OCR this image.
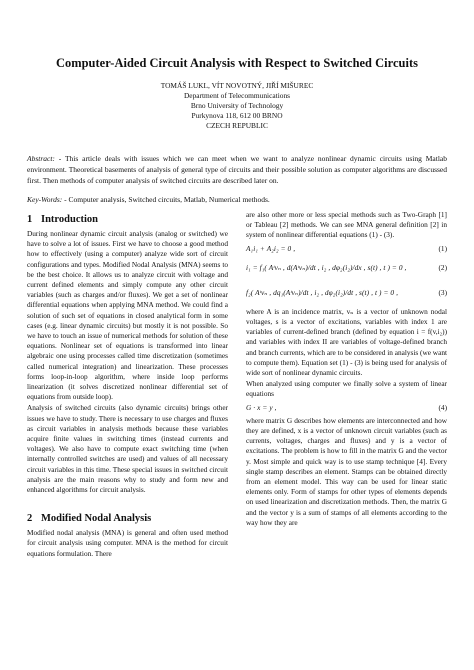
Computer-Aided Circuit Analysis with Respect to Switched Circuits
TOMÁŠ LUKL, VÍT NOVOTNÝ, JIŘÍ MIŠUREC
Department of Telecommunications
Brno University of Technology
Purkynova 118, 612 00 BRNO
CZECH REPUBLIC
Abstract: - This article deals with issues which we can meet when we want to analyze nonlinear dynamic circuits using Matlab environment. Theoretical basements of analysis of general type of circuits and their possible solution as computer algorithms are discussed first. Then methods of computer analysis of switched circuits are described later on.
Key-Words: - Computer analysis, Switched circuits, Matlab, Numerical methods.
1 Introduction

During nonlinear dynamic circuit analysis (analog or switched) we have to solve a lot of issues. First we have to choose a good method how to effectively (using a computer) analyze wide sort of circuit configurations and types. Modified Nodal Analysis (MNA) seems to be the best choice. It allows us to analyze circuit with voltage and current defined elements and simply compute any other circuit variables (such as charges and/or fluxes). We get a set of nonlinear differential equations when applying MNA method. We could find a solution of such set of equations in closed analytical form in some cases (e.g. linear dynamic circuits) but mostly it is not possible. So we have to touch an issue of numerical methods for solution of these equations. Nonlinear set of equations is transformed into linear algebraic one using processes called time discretization (sometimes called numerical integration) and linearization. These processes forms loop-in-loop algorithm, where inside loop performs linearization (it solves discretized nonlinear differential set of equations from outside loop).

Analysis of switched circuits (also dynamic circuits) brings other issues we have to study. There is necessary to use charges and fluxes as circuit variables in analysis methods because these variables acquire finite values in switching times (instead currents and voltages). We also have to compute exact switching time (when internally controlled switches are used) and values of all necessary circuit variables in this time. These special issues in switched circuit analysis are the main reasons why to study and form new and enhanced algorithms for circuit analysis.

2 Modified Nodal Analysis

Modified nodal analysis (MNA) is general and often used method for circuit analysis using computer. MNA is the method for circuit equations formulation. There

are also other more or less special methods such as Two-Graph [1] or Tableau [2] methods. We can see MNA general definition [2] in system of nonlinear differential equations (1) - (3).

A₁i₁ + A₂i₂ = 0 ,	(1)
i₁ = f₁( Aᵗvₙ , d(Aᵗvₙ)/dt , i₂ , dφ₂(i₂)/dx , s(t) , t ) = 0 ,	(2)
f₂( Aᵗvₙ , dq₁(Aᵗvₙ)/dt , i₂ , dφ₂(i₂)/dt , s(t) , t ) = 0 ,	(3)

where A is an incidence matrix, vₙ is a vector of unknown nodal voltages, s is a vector of excitations, variables with index 1 are variables of current-defined branch (defined by equation i = f(v,i₂)) and variables with index II are variables of voltage-defined branch and branch currents, which are to be considered in analysis (we want to compute them). Equation set (1) - (3) is being used for analysis of wide sort of nonlinear dynamic circuits.

When analyzed using computer we finally solve a system of linear equations

G · x = y ,	(4)

where matrix G describes how elements are interconnected and how they are defined, x is a vector of unknown circuit variables (such as currents, voltages, charges and fluxes) and y is a vector of excitations. The problem is how to fill in the matrix G and the vector y. Most simple and quick way is to use stamp technique [4]. Every single stamp describes an element. Stamps can be obtained directly from an element model. This way can be used for linear static elements only. Form of stamps for other types of elements depends on used linearization and discretization methods. Then, the matrix G and the vector y is a sum of stamps of all elements according to the way how they are
